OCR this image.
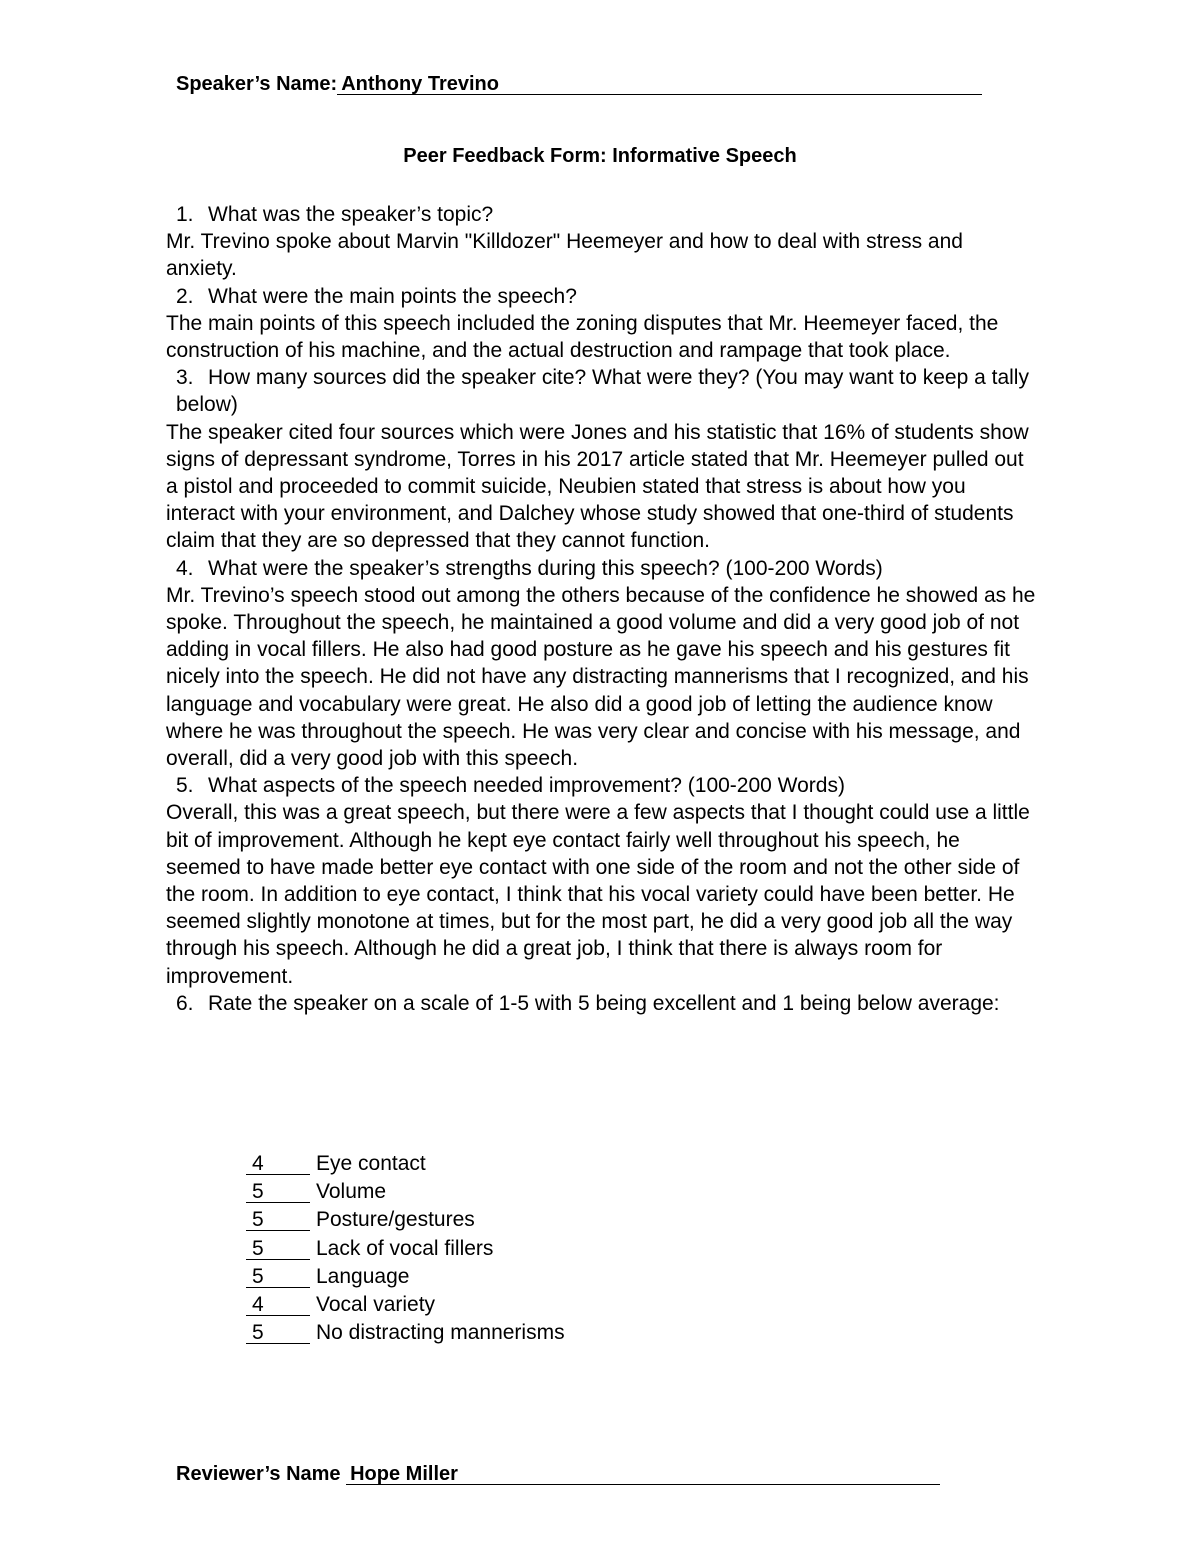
Speaker’s Name: Anthony Trevino
Peer Feedback Form: Informative Speech

1. What was the speaker’s topic?

Mr. Trevino spoke about Marvin "Killdozer" Heemeyer and how to deal with stress and anxiety.

2. What were the main points the speech?

The main points of this speech included the zoning disputes that Mr. Heemeyer faced, the construction of his machine, and the actual destruction and rampage that took place.

3. How many sources did the speaker cite? What were they? (You may want to keep a tally below)

The speaker cited four sources which were Jones and his statistic that 16% of students show signs of depressant syndrome, Torres in his 2017 article stated that Mr. Heemeyer pulled out a pistol and proceeded to commit suicide, Neubien stated that stress is about how you interact with your environment, and Dalchey whose study showed that one-third of students claim that they are so depressed that they cannot function.

4. What were the speaker’s strengths during this speech? (100-200 Words)

Mr. Trevino’s speech stood out among the others because of the confidence he showed as he spoke. Throughout the speech, he maintained a good volume and did a very good job of not adding in vocal fillers. He also had good posture as he gave his speech and his gestures fit nicely into the speech. He did not have any distracting mannerisms that I recognized, and his language and vocabulary were great. He also did a good job of letting the audience know where he was throughout the speech. He was very clear and concise with his message, and overall, did a very good job with this speech.

5. What aspects of the speech needed improvement? (100-200 Words)

Overall, this was a great speech, but there were a few aspects that I thought could use a little bit of improvement. Although he kept eye contact fairly well throughout his speech, he seemed to have made better eye contact with one side of the room and not the other side of the room. In addition to eye contact, I think that his vocal variety could have been better. He seemed slightly monotone at times, but for the most part, he did a very good job all the way through his speech. Although he did a great job, I think that there is always room for improvement.

6. Rate the speaker on a scale of 1-5 with 5 being excellent and 1 being below average:

4 Eye contact
5 Volume
5 Posture/gestures
5 Lack of vocal fillers
5 Language
4 Vocal variety
5 No distracting mannerisms
Reviewer’s Name Hope Miller
